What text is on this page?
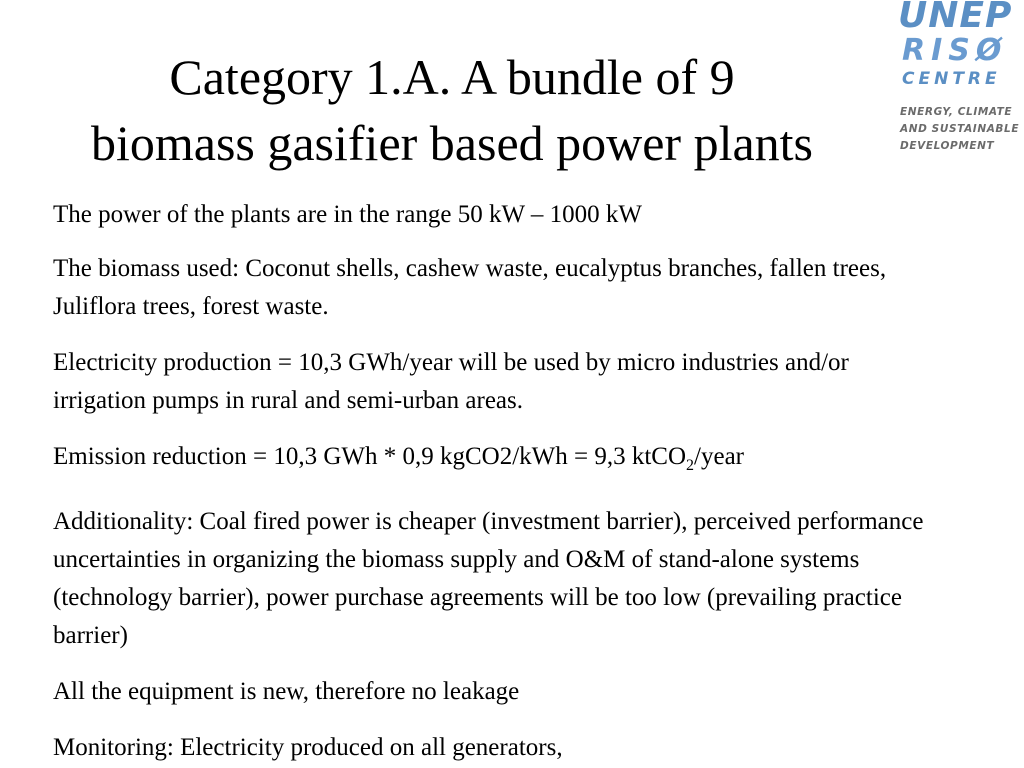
Category 1.A. A bundle of 9
biomass gasifier based power plants
UNEP
RISØ
CENTRE
ENERGY, CLIMATE
AND SUSTAINABLE
DEVELOPMENT

The power of the plants are in the range 50 kW – 1000 kW

The biomass used: Coconut shells, cashew waste, eucalyptus branches, fallen trees, Juliflora trees, forest waste.

Electricity production = 10,3 GWh/year will be used by micro industries and/or irrigation pumps in rural and semi-urban areas.

Emission reduction = 10,3 GWh * 0,9 kgCO2/kWh = 9,3 ktCO$_2$/year

Additionality: Coal fired power is cheaper (investment barrier), perceived performance uncertainties in organizing the biomass supply and O&M of stand-alone systems (technology barrier), power purchase agreements will be too low (prevailing practice barrier)

All the equipment is new, therefore no leakage

Monitoring: Electricity produced on all generators,
